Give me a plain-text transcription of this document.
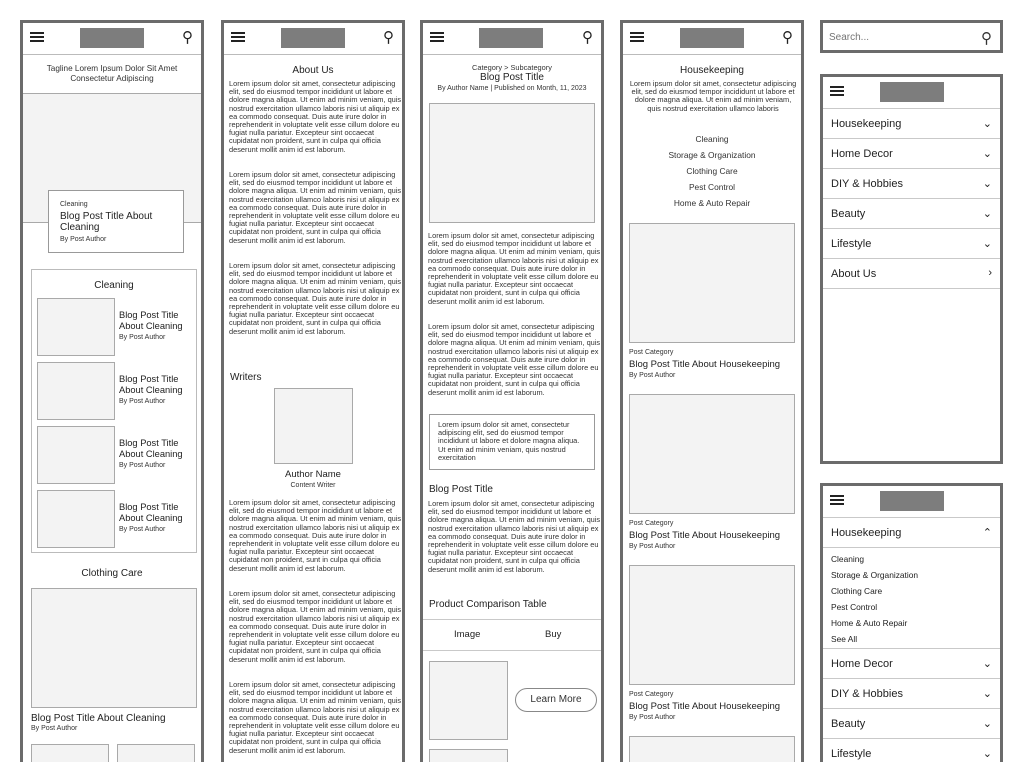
⚲
Tagline Lorem Ipsum Dolor Sit Amet Consectetur Adipiscing
Cleaning
Blog Post Title About Cleaning
By Post Author
Cleaning
Blog Post Title About Cleaning
By Post Author
Blog Post Title About Cleaning
By Post Author
Blog Post Title About Cleaning
By Post Author
Blog Post Title About Cleaning
By Post Author
Clothing Care
Blog Post Title About Cleaning
By Post Author
⚲
About Us
Lorem ipsum dolor sit amet, consectetur adipiscing elit, sed do eiusmod tempor incididunt ut labore et dolore magna aliqua. Ut enim ad minim veniam, quis nostrud exercitation ullamco laboris nisi ut aliquip ex ea commodo consequat. Duis aute irure dolor in reprehenderit in voluptate velit esse cillum dolore eu fugiat nulla pariatur. Excepteur sint occaecat cupidatat non proident, sunt in culpa qui officia deserunt mollit anim id est laborum.
Lorem ipsum dolor sit amet, consectetur adipiscing elit, sed do eiusmod tempor incididunt ut labore et dolore magna aliqua. Ut enim ad minim veniam, quis nostrud exercitation ullamco laboris nisi ut aliquip ex ea commodo consequat. Duis aute irure dolor in reprehenderit in voluptate velit esse cillum dolore eu fugiat nulla pariatur. Excepteur sint occaecat cupidatat non proident, sunt in culpa qui officia deserunt mollit anim id est laborum.
Lorem ipsum dolor sit amet, consectetur adipiscing elit, sed do eiusmod tempor incididunt ut labore et dolore magna aliqua. Ut enim ad minim veniam, quis nostrud exercitation ullamco laboris nisi ut aliquip ex ea commodo consequat. Duis aute irure dolor in reprehenderit in voluptate velit esse cillum dolore eu fugiat nulla pariatur. Excepteur sint occaecat cupidatat non proident, sunt in culpa qui officia deserunt mollit anim id est laborum.
Writers
Author Name
Content Writer
Lorem ipsum dolor sit amet, consectetur adipiscing elit, sed do eiusmod tempor incididunt ut labore et dolore magna aliqua. Ut enim ad minim veniam, quis nostrud exercitation ullamco laboris nisi ut aliquip ex ea commodo consequat. Duis aute irure dolor in reprehenderit in voluptate velit esse cillum dolore eu fugiat nulla pariatur. Excepteur sint occaecat cupidatat non proident, sunt in culpa qui officia deserunt mollit anim id est laborum.
Lorem ipsum dolor sit amet, consectetur adipiscing elit, sed do eiusmod tempor incididunt ut labore et dolore magna aliqua. Ut enim ad minim veniam, quis nostrud exercitation ullamco laboris nisi ut aliquip ex ea commodo consequat. Duis aute irure dolor in reprehenderit in voluptate velit esse cillum dolore eu fugiat nulla pariatur. Excepteur sint occaecat cupidatat non proident, sunt in culpa qui officia deserunt mollit anim id est laborum.
Lorem ipsum dolor sit amet, consectetur adipiscing elit, sed do eiusmod tempor incididunt ut labore et dolore magna aliqua. Ut enim ad minim veniam, quis nostrud exercitation ullamco laboris nisi ut aliquip ex ea commodo consequat. Duis aute irure dolor in reprehenderit in voluptate velit esse cillum dolore eu fugiat nulla pariatur. Excepteur sint occaecat cupidatat non proident, sunt in culpa qui officia deserunt mollit anim id est laborum.
⚲
Category > Subcategory
Blog Post Title
By Author Name | Published on Month, 11, 2023
Lorem ipsum dolor sit amet, consectetur adipiscing elit, sed do eiusmod tempor incididunt ut labore et dolore magna aliqua. Ut enim ad minim veniam, quis nostrud exercitation ullamco laboris nisi ut aliquip ex ea commodo consequat. Duis aute irure dolor in reprehenderit in voluptate velit esse cillum dolore eu fugiat nulla pariatur. Excepteur sint occaecat cupidatat non proident, sunt in culpa qui officia deserunt mollit anim id est laborum.
Lorem ipsum dolor sit amet, consectetur adipiscing elit, sed do eiusmod tempor incididunt ut labore et dolore magna aliqua. Ut enim ad minim veniam, quis nostrud exercitation ullamco laboris nisi ut aliquip ex ea commodo consequat. Duis aute irure dolor in reprehenderit in voluptate velit esse cillum dolore eu fugiat nulla pariatur. Excepteur sint occaecat cupidatat non proident, sunt in culpa qui officia deserunt mollit anim id est laborum.
Lorem ipsum dolor sit amet, consectetur adipiscing elit, sed do eiusmod tempor incididunt ut labore et dolore magna aliqua. Ut enim ad minim veniam, quis nostrud exercitation
Blog Post Title
Lorem ipsum dolor sit amet, consectetur adipiscing elit, sed do eiusmod tempor incididunt ut labore et dolore magna aliqua. Ut enim ad minim veniam, quis nostrud exercitation ullamco laboris nisi ut aliquip ex ea commodo consequat. Duis aute irure dolor in reprehenderit in voluptate velit esse cillum dolore eu fugiat nulla pariatur. Excepteur sint occaecat cupidatat non proident, sunt in culpa qui officia deserunt mollit anim id est laborum.
Product Comparison Table
Image	Buy
Learn More
⚲
Housekeeping
Lorem ipsum dolor sit amet, consectetur adipiscing elit, sed do eiusmod tempor incididunt ut labore et dolore magna aliqua. Ut enim ad minim veniam, quis nostrud exercitation ullamco laboris
Cleaning
Storage & Organization
Clothing Care
Pest Control
Home & Auto Repair
Post Category
Blog Post Title About Housekeeping
By Post Author
Post Category
Blog Post Title About Housekeeping
By Post Author
Post Category
Blog Post Title About Housekeeping
By Post Author
Search...
⚲
Housekeeping	⌄
Home Decor	⌄
DIY & Hobbies	⌄
Beauty	⌄
Lifestyle	⌄
About Us	›
Housekeeping	⌃
Cleaning
Storage & Organization
Clothing Care
Pest Control
Home & Auto Repair
See All
Home Decor	⌄
DIY & Hobbies	⌄
Beauty	⌄
Lifestyle	⌄
